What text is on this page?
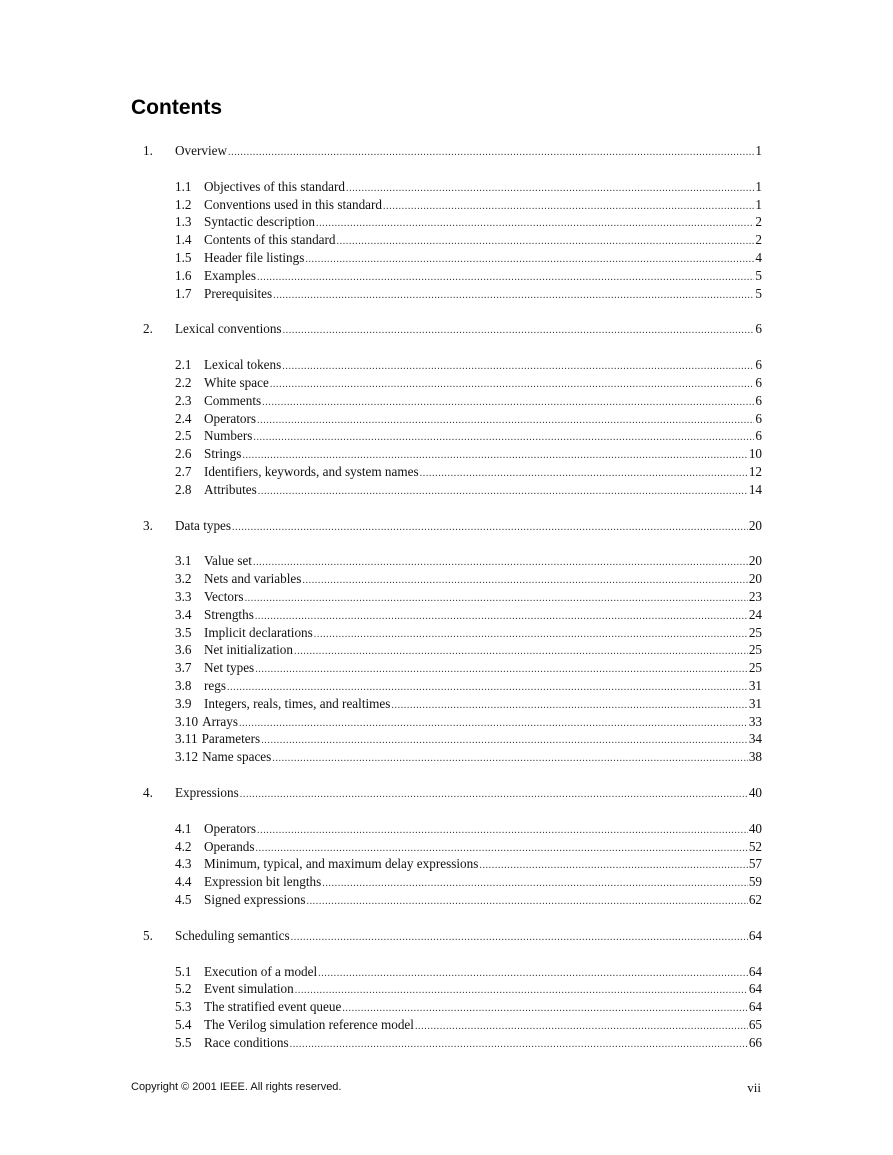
Contents
1. Overview .....	1
1.1 Objectives of this standard .....	1
1.2 Conventions used in this standard .....	1
1.3 Syntactic description .....	2
1.4 Contents of this standard .....	2
1.5 Header file listings .....	4
1.6 Examples .....	5
1.7 Prerequisites .....	5
2. Lexical conventions .....	6
2.1 Lexical tokens .....	6
2.2 White space .....	6
2.3 Comments .....	6
2.4 Operators .....	6
2.5 Numbers .....	6
2.6 Strings .....	10
2.7 Identifiers, keywords, and system names .....	12
2.8 Attributes .....	14
3. Data types .....	20
3.1 Value set .....	20
3.2 Nets and variables .....	20
3.3 Vectors .....	23
3.4 Strengths .....	24
3.5 Implicit declarations .....	25
3.6 Net initialization .....	25
3.7 Net types .....	25
3.8 regs .....	31
3.9 Integers, reals, times, and realtimes .....	31
3.10 Arrays .....	33
3.11 Parameters .....	34
3.12 Name spaces .....	38
4. Expressions .....	40
4.1 Operators .....	40
4.2 Operands .....	52
4.3 Minimum, typical, and maximum delay expressions .....	57
4.4 Expression bit lengths .....	59
4.5 Signed expressions .....	62
5. Scheduling semantics .....	64
5.1 Execution of a model .....	64
5.2 Event simulation .....	64
5.3 The stratified event queue .....	64
5.4 The Verilog simulation reference model .....	65
5.5 Race conditions .....	66
Copyright © 2001 IEEE. All rights reserved.	vii
